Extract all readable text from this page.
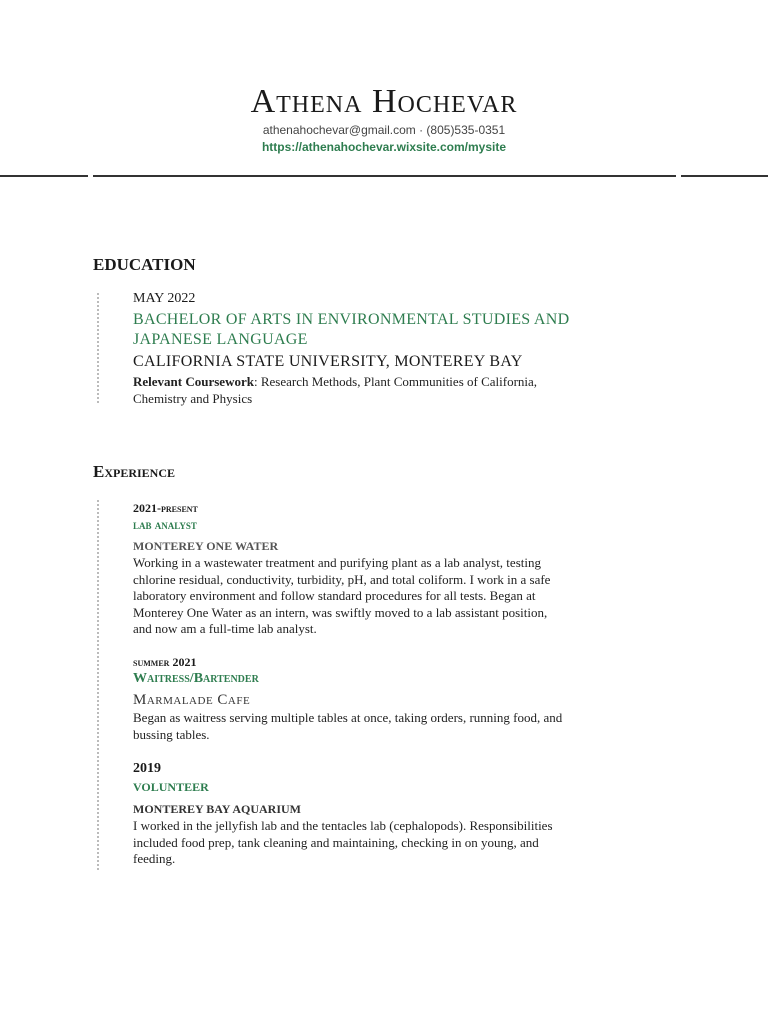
Athena Hochevar
athenahochevar@gmail.com · (805)535-0351
https://athenahochevar.wixsite.com/mysite
EDUCATION
MAY 2022
BACHELOR OF ARTS IN ENVIRONMENTAL STUDIES AND
JAPANESE LANGUAGE
CALIFORNIA STATE UNIVERSITY, MONTEREY BAY
Relevant Coursework: Research Methods, Plant Communities of California,
Chemistry and Physics
Experience
2021-present
lab analyst
MONTEREY ONE WATER
Working in a wastewater treatment and purifying plant as a lab analyst, testing
chlorine residual, conductivity, turbidity, pH, and total coliform. I work in a safe
laboratory environment and follow standard procedures for all tests. Began at
Monterey One Water as an intern, was swiftly moved to a lab assistant position,
and now am a full-time lab analyst.
summer 2021
Waitress/Bartender
Marmalade Cafe
Began as waitress serving multiple tables at once, taking orders, running food, and
bussing tables.
2019
VOLUNTEER
MONTEREY BAY AQUARIUM
I worked in the jellyfish lab and the tentacles lab (cephalopods). Responsibilities
included food prep, tank cleaning and maintaining, checking in on young, and
feeding.
